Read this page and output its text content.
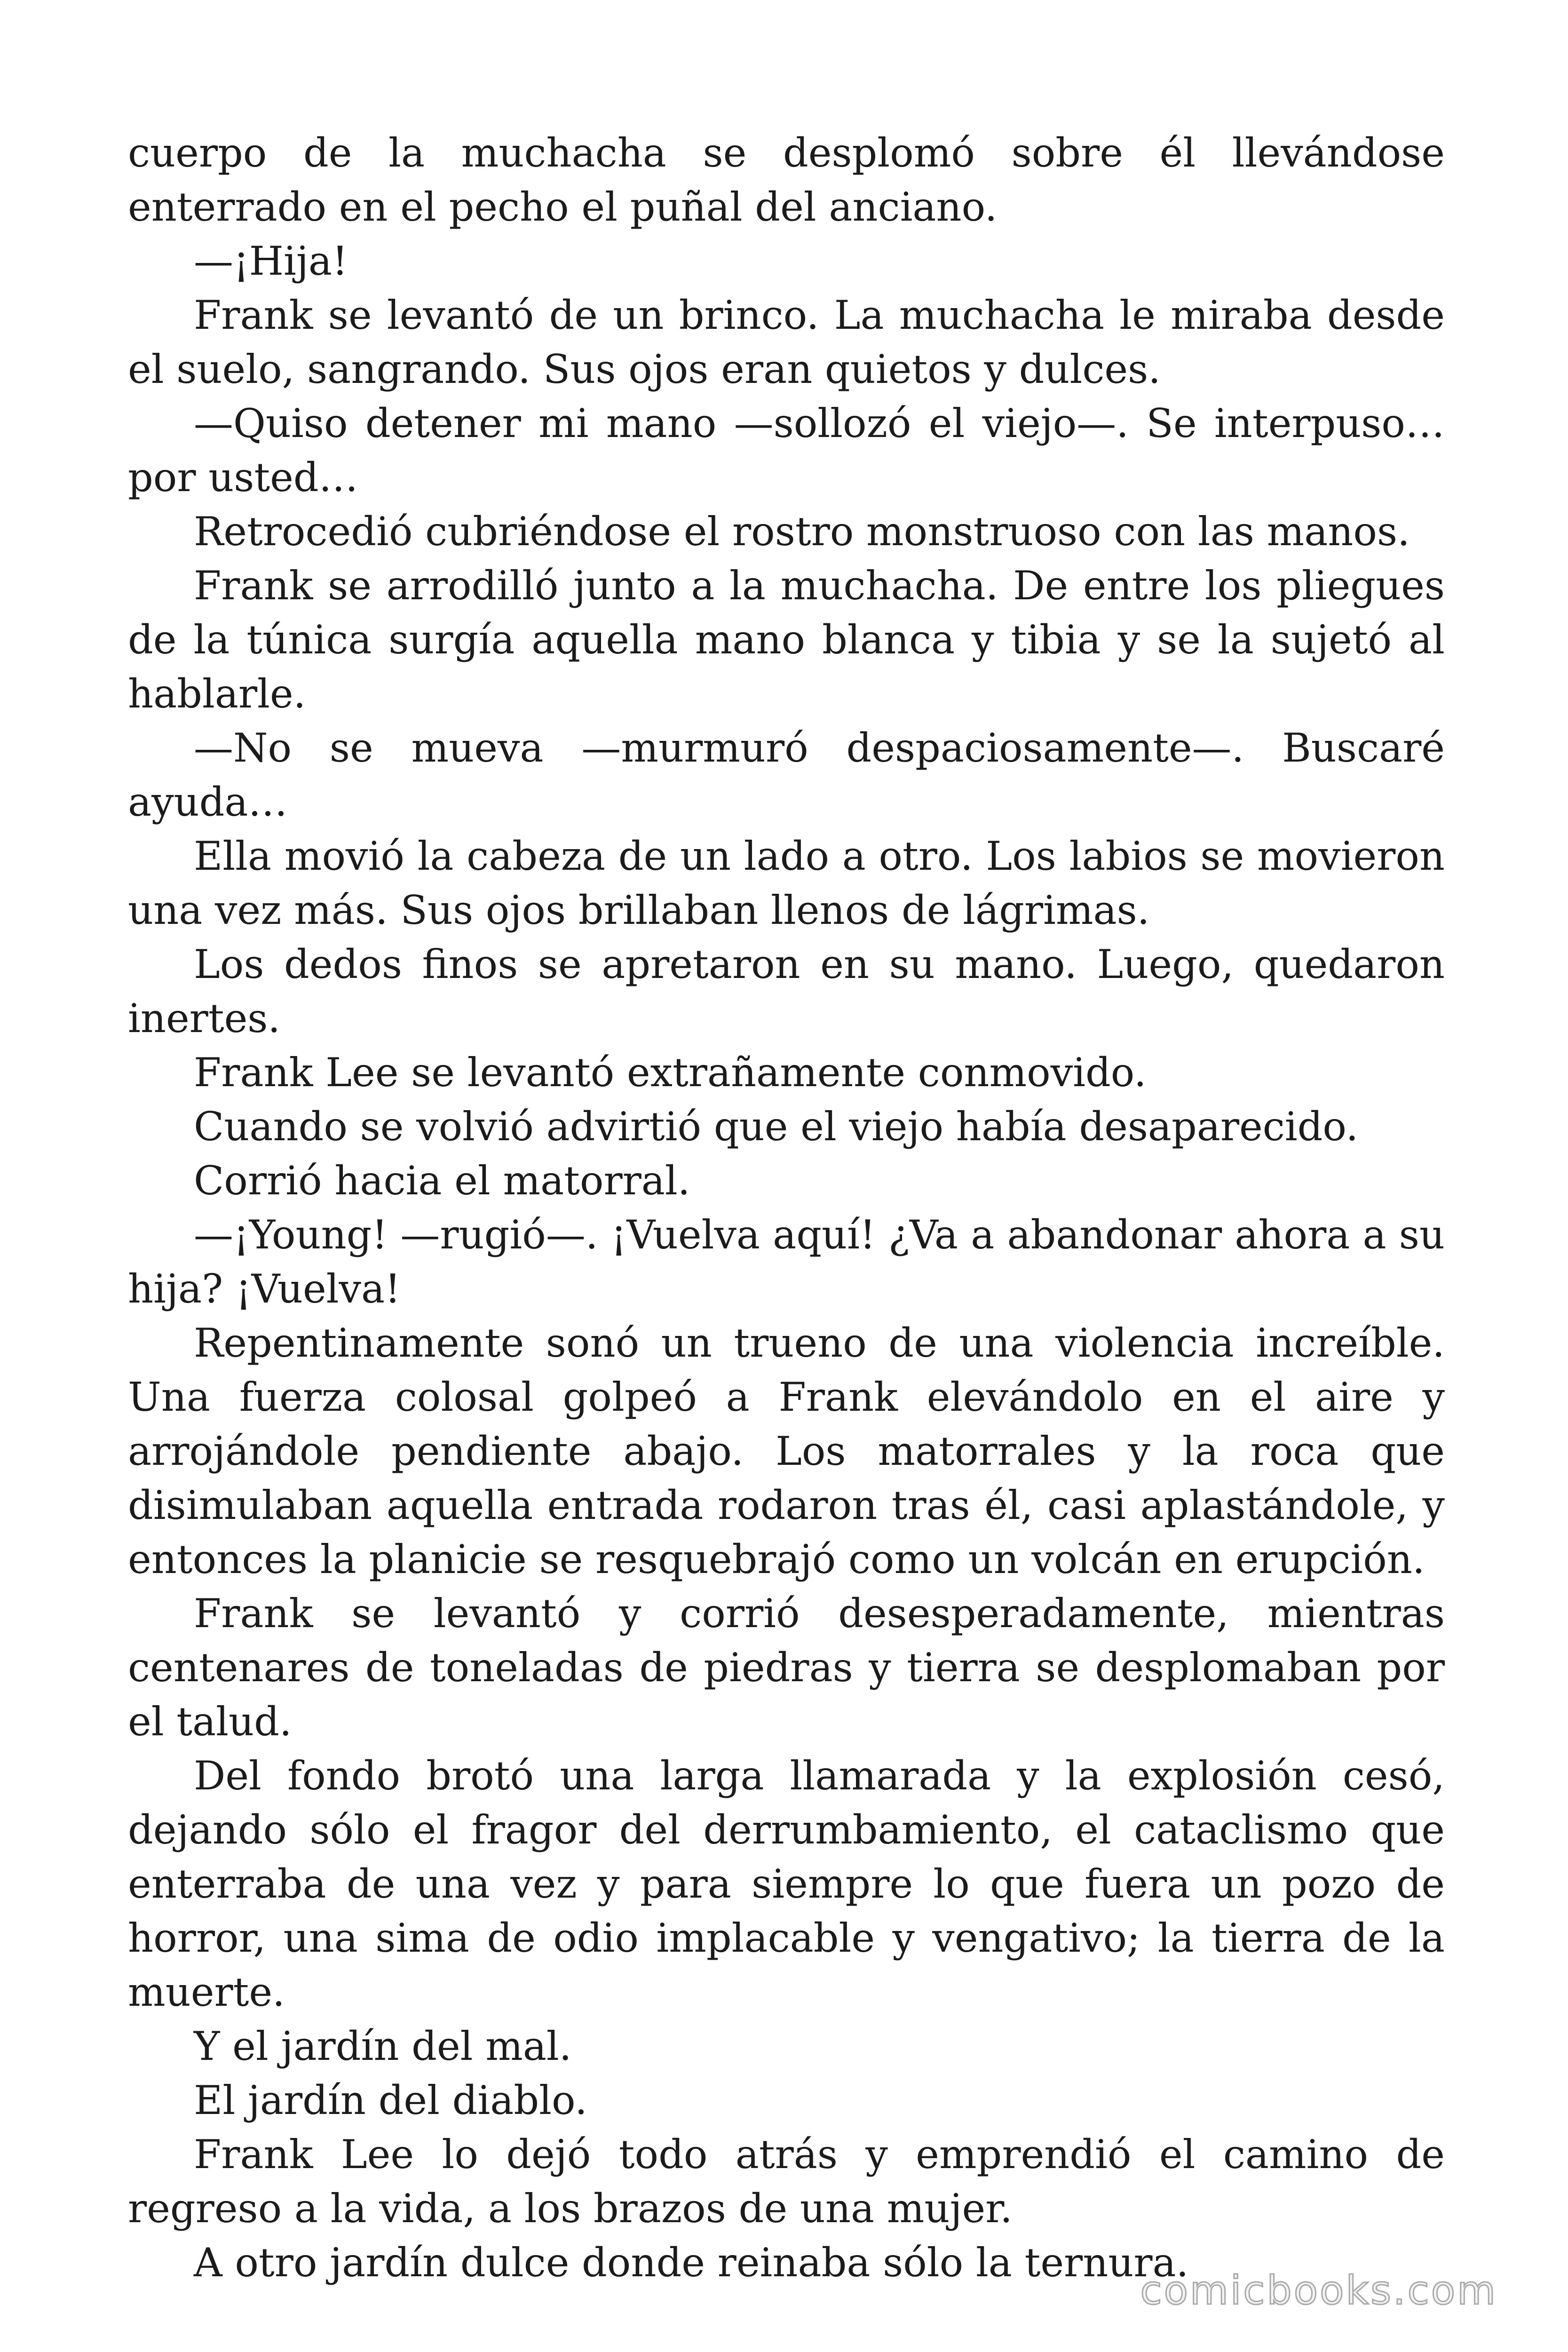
cuerpo de la muchacha se desplomó sobre él llevándose enterrado en el pecho el puñal del anciano.

—¡Hija!

Frank se levantó de un brinco. La muchacha le miraba desde el suelo, sangrando. Sus ojos eran quietos y dulces.

—Quiso detener mi mano —sollozó el viejo—. Se interpuso… por usted…

Retrocedió cubriéndose el rostro monstruoso con las manos.

Frank se arrodilló junto a la muchacha. De entre los pliegues de la túnica surgía aquella mano blanca y tibia y se la sujetó al hablarle.

—No se mueva —murmuró despaciosamente—. Buscaré ayuda…

Ella movió la cabeza de un lado a otro. Los labios se movieron una vez más. Sus ojos brillaban llenos de lágrimas.

Los dedos finos se apretaron en su mano. Luego, quedaron inertes.

Frank Lee se levantó extrañamente conmovido.

Cuando se volvió advirtió que el viejo había desaparecido.

Corrió hacia el matorral.

—¡Young! —rugió—. ¡Vuelva aquí! ¿Va a abandonar ahora a su hija? ¡Vuelva!

Repentinamente sonó un trueno de una violencia increíble. Una fuerza colosal golpeó a Frank elevándolo en el aire y arrojándole pendiente abajo. Los matorrales y la roca que disimulaban aquella entrada rodaron tras él, casi aplastándole, y entonces la planicie se resquebrajó como un volcán en erupción.

Frank se levantó y corrió desesperadamente, mientras centenares de toneladas de piedras y tierra se desplomaban por el talud.

Del fondo brotó una larga llamarada y la explosión cesó, dejando sólo el fragor del derrumbamiento, el cataclismo que enterraba de una vez y para siempre lo que fuera un pozo de horror, una sima de odio implacable y vengativo; la tierra de la muerte.

Y el jardín del mal.

El jardín del diablo.

Frank Lee lo dejó todo atrás y emprendió el camino de regreso a la vida, a los brazos de una mujer.

A otro jardín dulce donde reinaba sólo la ternura.

comicbooks.com
